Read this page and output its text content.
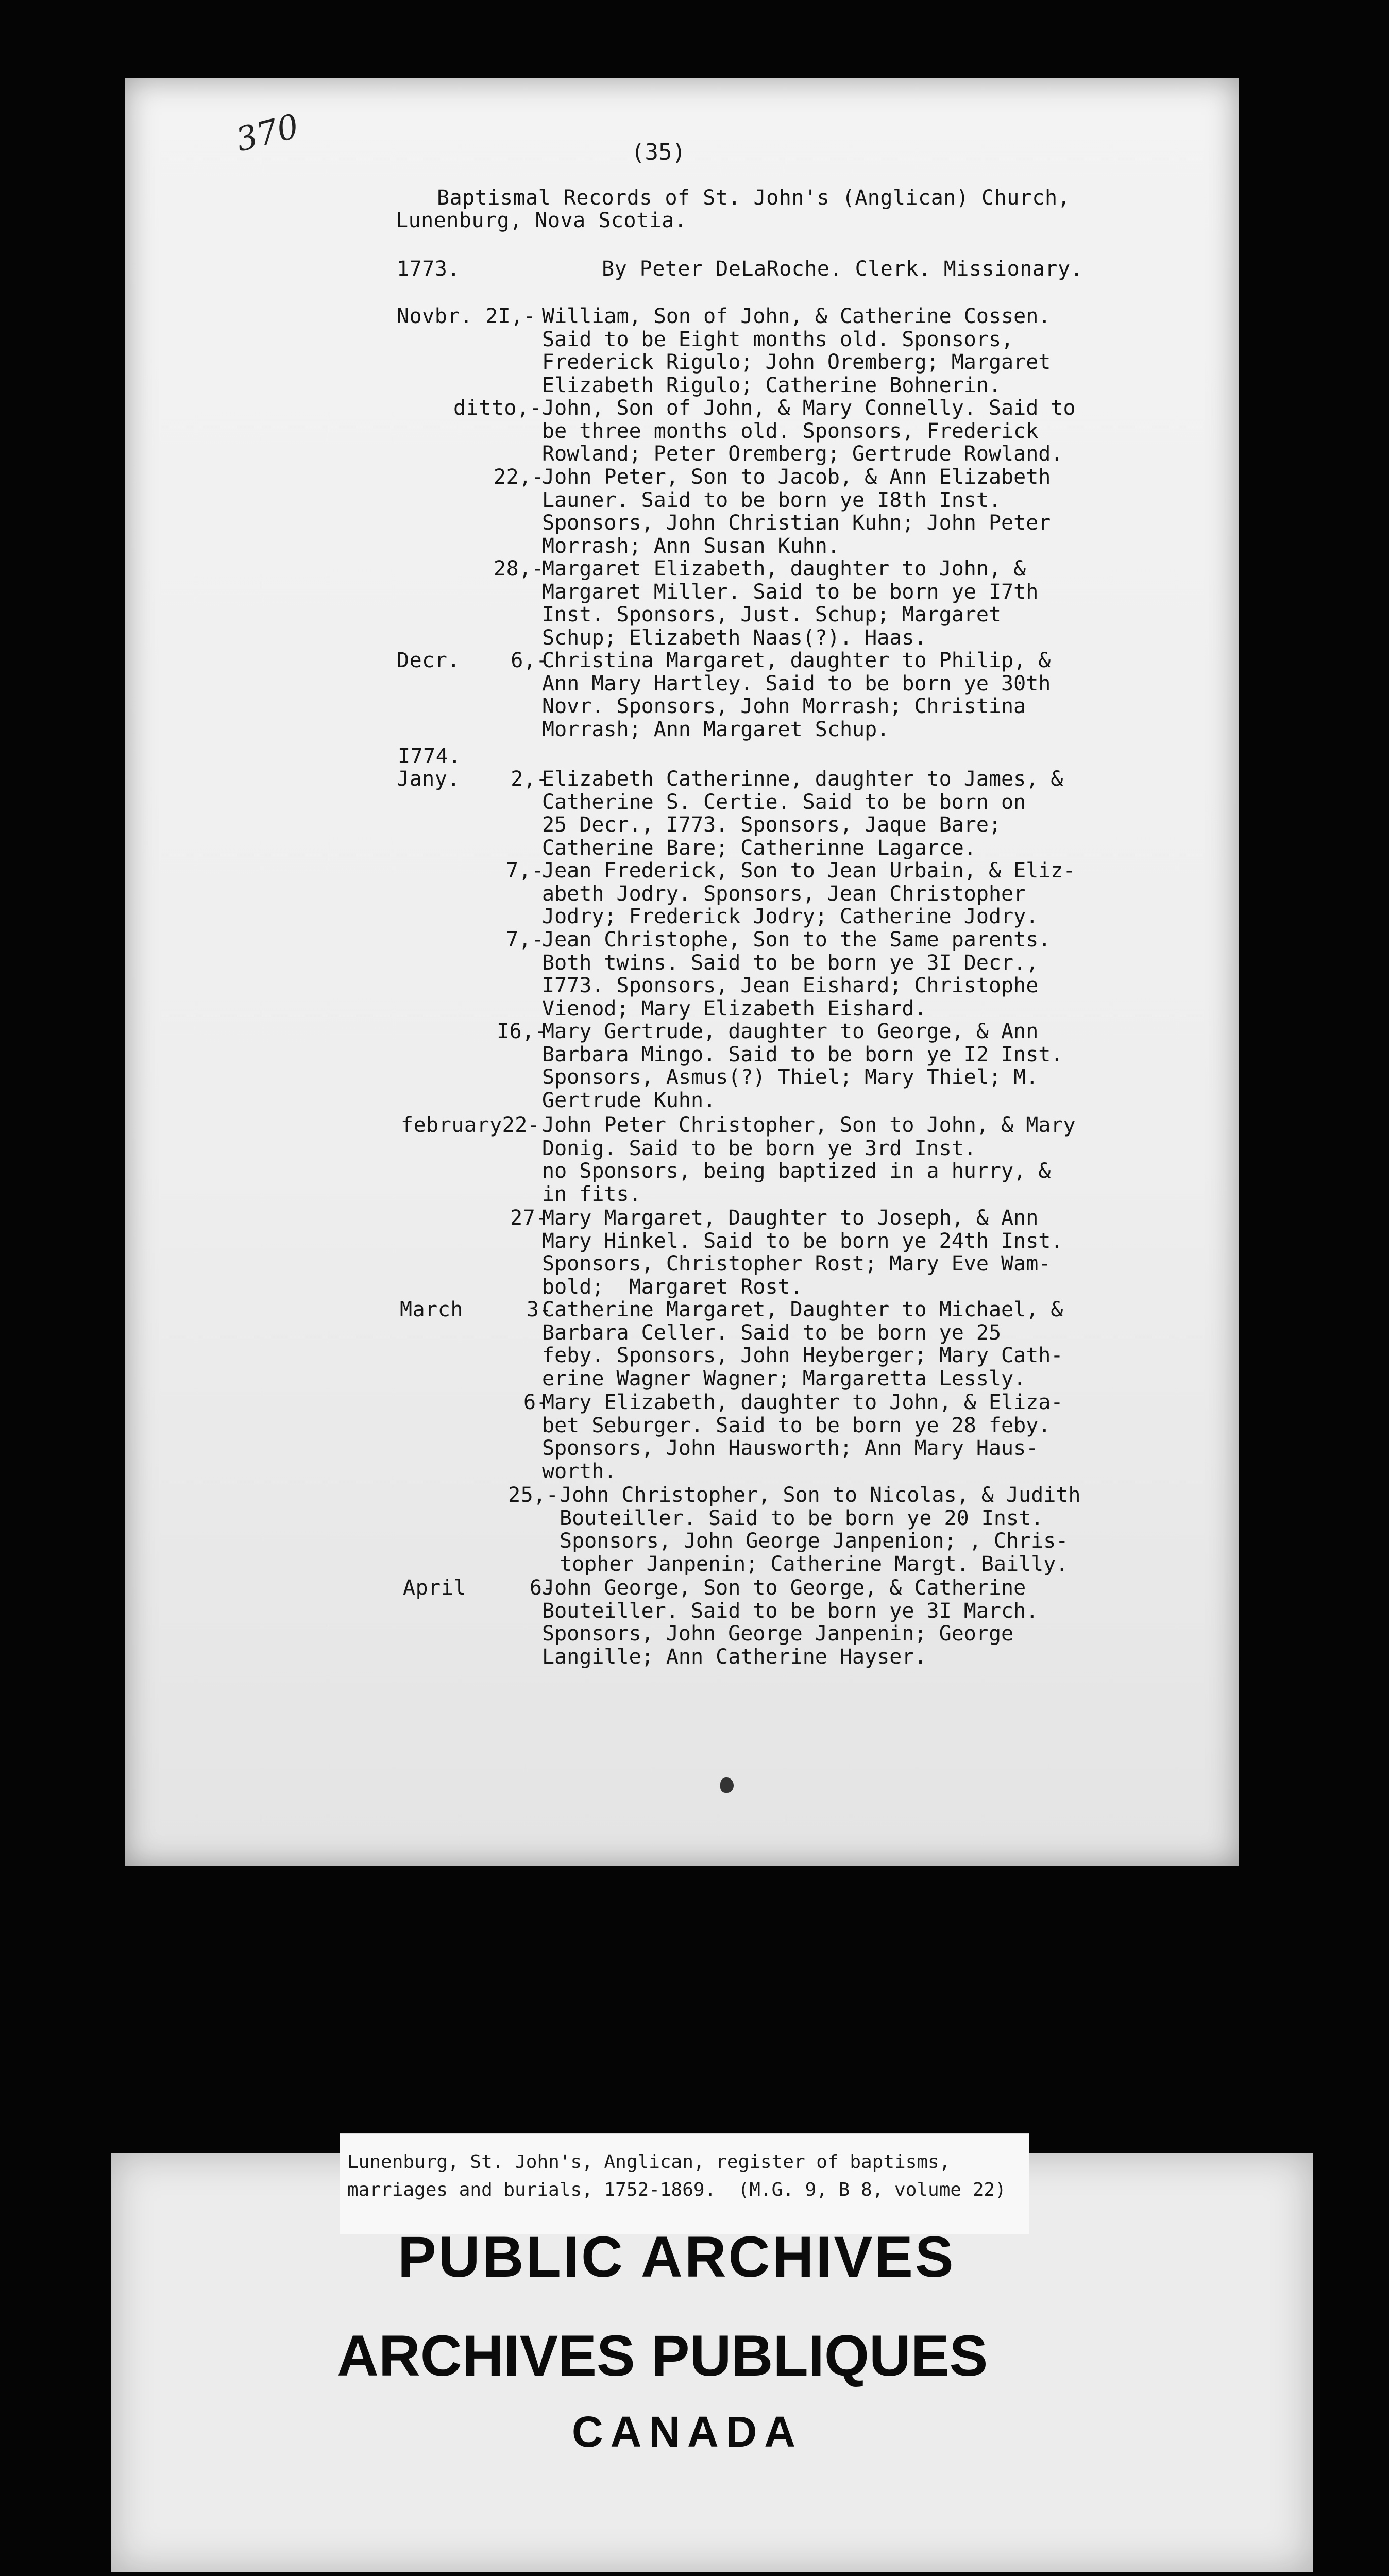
370	(35)
Baptismal Records of St. John's (Anglican) Church,
Lunenburg, Nova Scotia.
1773.	By Peter DeLaRoche. Clerk. Missionary.
Novbr. 2I,- William, Son of John, & Catherine Cossen.
Said to be Eight months old. Sponsors,
Frederick Rigulo; John Oremberg; Margaret
Elizabeth Rigulo; Catherine Bohnerin.
ditto,- John, Son of John, & Mary Connelly. Said to
be three months old. Sponsors, Frederick
Rowland; Peter Oremberg; Gertrude Rowland.
22,-
John Peter, Son to Jacob, & Ann Elizabeth
Launer. Said to be born ye I8th Inst.
Sponsors, John Christian Kuhn; John Peter
Morrash; Ann Susan Kuhn.
28,-
Margaret Elizabeth, daughter to John, &
Margaret Miller. Said to be born ye I7th
Inst. Sponsors, Just. Schup; Margaret
Schup; Elizabeth Naas(?). Haas.
Decr.    6,-
Christina Margaret, daughter to Philip, &
Ann Mary Hartley. Said to be born ye 30th
Novr. Sponsors, John Morrash; Christina
Morrash; Ann Margaret Schup.
I774.
Jany.    2,-
Elizabeth Catherinne, daughter to James, &
Catherine S. Certie. Said to be born on
25 Decr., I773. Sponsors, Jaque Bare;
Catherine Bare; Catherinne Lagarce.
7,-
Jean Frederick, Son to Jean Urbain, & Eliz-
abeth Jodry. Sponsors, Jean Christopher
Jodry; Frederick Jodry; Catherine Jodry.
7,-
Jean Christophe, Son to the Same parents.
Both twins. Said to be born ye 3I Decr.,
I773. Sponsors, Jean Eishard; Christophe
Vienod; Mary Elizabeth Eishard.
I6,-
Mary Gertrude, daughter to George, & Ann
Barbara Mingo. Said to be born ye I2 Inst.
Sponsors, Asmus(?) Thiel; Mary Thiel; M.
Gertrude Kuhn.
february22- John Peter Christopher, Son to John, & Mary
Donig. Said to be born ye 3rd Inst.
no Sponsors, being baptized in a hurry, &
in fits.
27-
Mary Margaret, Daughter to Joseph, & Ann
Mary Hinkel. Said to be born ye 24th Inst.
Sponsors, Christopher Rost; Mary Eve Wam-
bold;  Margaret Rost.
March     3-
Catherine Margaret, Daughter to Michael, &
Barbara Celler. Said to be born ye 25
feby. Sponsors, John Heyberger; Mary Cath-
erine Wagner Wagner; Margaretta Lessly.
6-
Mary Elizabeth, daughter to John, & Eliza-
bet Seburger. Said to be born ye 28 feby.
Sponsors, John Hausworth; Ann Mary Haus-
worth.
25,- John Christopher, Son to Nicolas, & Judith
Bouteiller. Said to be born ye 20 Inst.
Sponsors, John George Janpenion; , Chris-
topher Janpenin; Catherine Margt. Bailly.
April     6-
John George, Son to George, & Catherine
Bouteiller. Said to be born ye 3I March.
Sponsors, John George Janpenin; George
Langille; Ann Catherine Hayser.
Lunenburg, St. John's, Anglican, register of baptisms,
marriages and burials, 1752-1869.  (M.G. 9, B 8, volume 22)
PUBLIC ARCHIVES
ARCHIVES PUBLIQUES
CANADA
